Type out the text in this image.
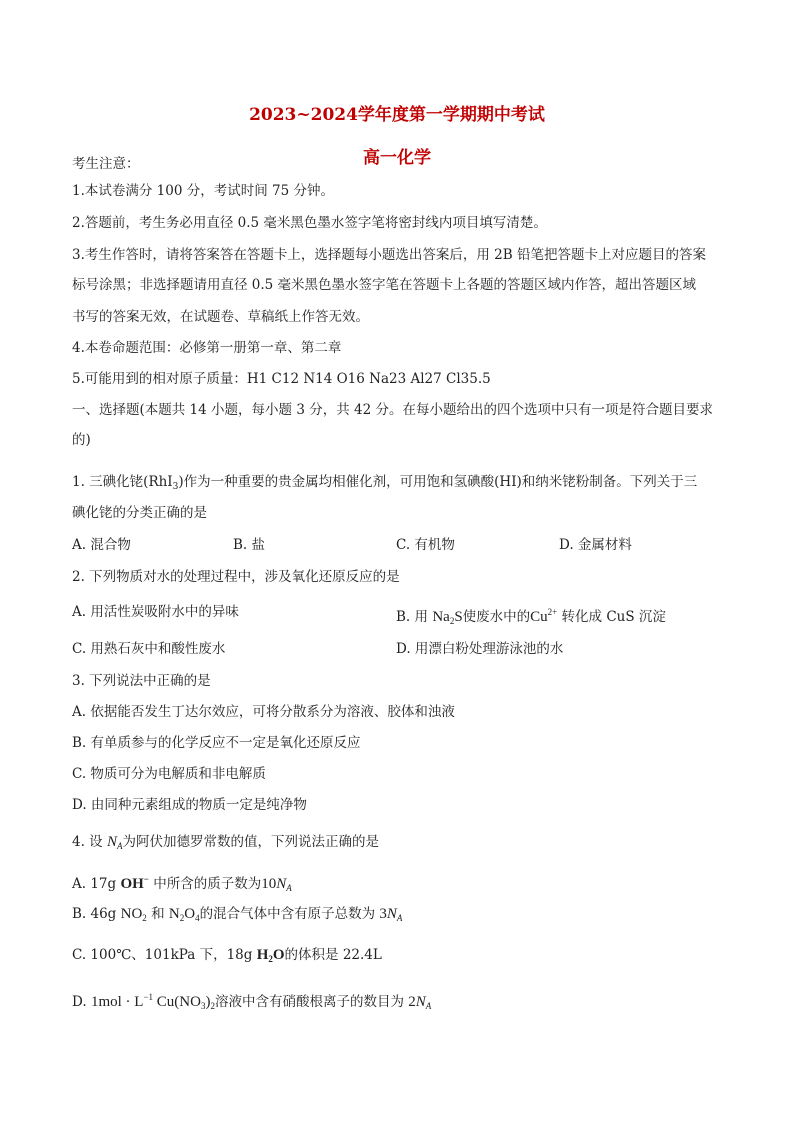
2023~2024学年度第一学期期中考试
高一化学
考生注意：
1.本试卷满分 100 分，考试时间 75 分钟。
2.答题前，考生务必用直径 0.5 毫米黑色墨水签字笔将密封线内项目填写清楚。
3.考生作答时，请将答案答在答题卡上，选择题每小题选出答案后，用 2B 铅笔把答题卡上对应题目的答案
标号涂黑；非选择题请用直径 0.5 毫米黑色墨水签字笔在答题卡上各题的答题区域内作答，超出答题区域
书写的答案无效，在试题卷、草稿纸上作答无效。
4.本卷命题范围：必修第一册第一章、第二章
5.可能用到的相对原子质量：H1 C12 N14 O16 Na23 Al27 Cl35.5
一、选择题(本题共 14 小题，每小题 3 分，共 42 分。在每小题给出的四个选项中只有一项是符合题目要求
的)
1. 三碘化铑(RhI$_3$)作为一种重要的贵金属均相催化剂，可用饱和氢碘酸(HI)和纳米铑粉制备。下列关于三
碘化铑的分类正确的是
A. 混合物	B. 盐	C. 有机物	D. 金属材料
2. 下列物质对水的处理过程中，涉及氧化还原反应的是
A. 用活性炭吸附水中的异味	B. 用 $Na_2S$使废水中的$Cu^{2+}$ 转化成 CuS 沉淀
C. 用熟石灰中和酸性废水	D. 用漂白粉处理游泳池的水
3. 下列说法中正确的是
A. 依据能否发生丁达尔效应，可将分散系分为溶液、胶体和浊液
B. 有单质参与的化学反应不一定是氧化还原反应
C. 物质可分为电解质和非电解质
D. 由同种元素组成的物质一定是纯净物
4. 设 $N_A$为阿伏加德罗常数的值，下列说法正确的是
A. 17g OH− 中所含的质子数为$10N_A$
B. 46g $NO_2$ 和 $N_2O_4$的混合气体中含有原子总数为 $3N_A$
C. 100℃、101kPa 下，18g $H_2O$的体积是 22.4L
D. $1mol \cdot L^{-1}$ $Cu(NO_3)_2$溶液中含有硝酸根离子的数目为 $2N_A$
